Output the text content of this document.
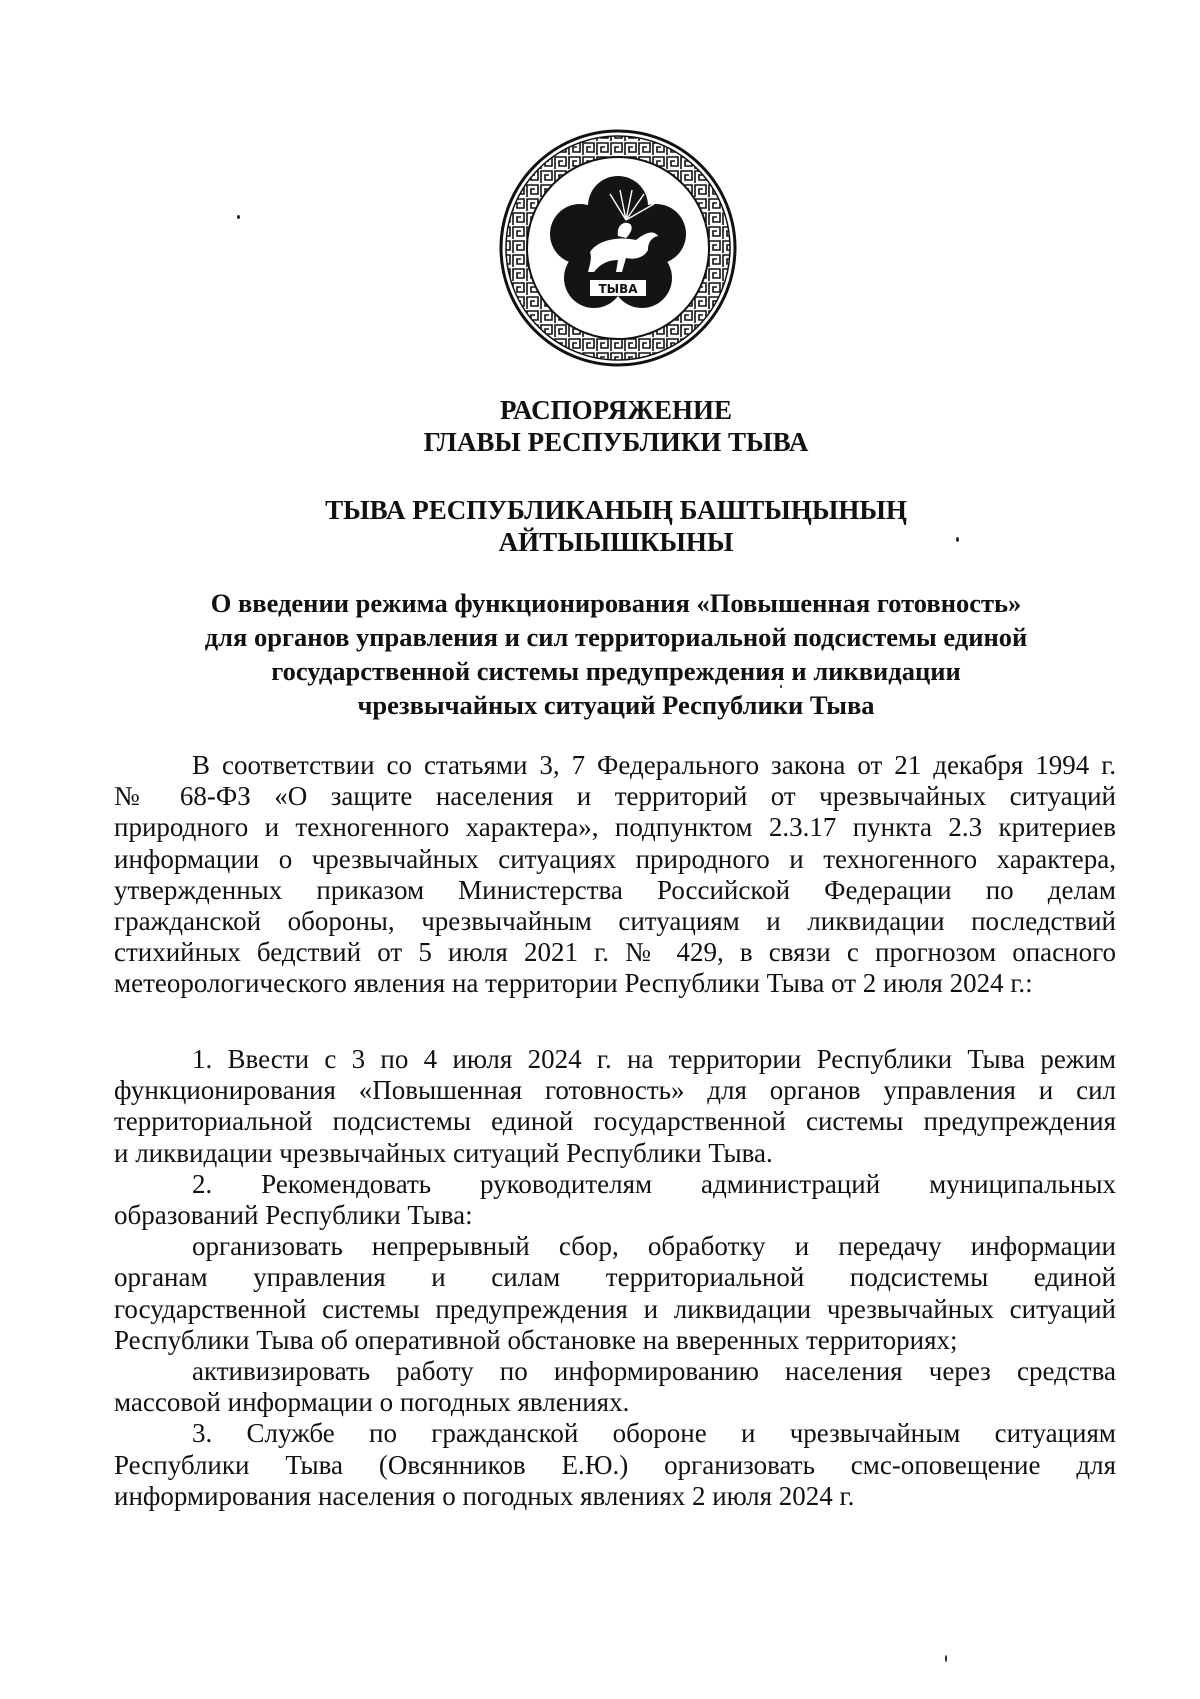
ТЫВА

РАСПОРЯЖЕНИЕ

ГЛАВЫ РЕСПУБЛИКИ ТЫВА

ТЫВА РЕСПУБЛИКАНЫҢ БАШТЫҢЫНЫҢ

АЙТЫЫШКЫНЫ

О введении режима функционирования «Повышенная готовность»

для органов управления и сил территориальной подсистемы единой

государственной системы предупреждения и ликвидации

чрезвычайных ситуаций Республики Тыва

В соответствии со статьями 3, 7 Федерального закона от 21 декабря 1994 г.
№ 68-ФЗ «О защите населения и территорий от чрезвычайных ситуаций
природного и техногенного характера», подпунктом 2.3.17 пункта 2.3 критериев
информации о чрезвычайных ситуациях природного и техногенного характера,
утвержденных приказом Министерства Российской Федерации по делам
гражданской обороны, чрезвычайным ситуациям и ликвидации последствий
стихийных бедствий от 5 июля 2021 г. № 429, в связи с прогнозом опасного
метеорологического явления на территории Республики Тыва от 2 июля 2024 г.:
1. Ввести с 3 по 4 июля 2024 г. на территории Республики Тыва режим
функционирования «Повышенная готовность» для органов управления и сил
территориальной подсистемы единой государственной системы предупреждения
и ликвидации чрезвычайных ситуаций Республики Тыва.
2. Рекомендовать руководителям администраций муниципальных
образований Республики Тыва:
организовать непрерывный сбор, обработку и передачу информации
органам управления и силам территориальной подсистемы единой
государственной системы предупреждения и ликвидации чрезвычайных ситуаций
Республики Тыва об оперативной обстановке на вверенных территориях;
активизировать работу по информированию населения через средства
массовой информации о погодных явлениях.
3. Службе по гражданской обороне и чрезвычайным ситуациям
Республики Тыва (Овсянников Е.Ю.) организовать смс-оповещение для
информирования населения о погодных явлениях 2 июля 2024 г.
